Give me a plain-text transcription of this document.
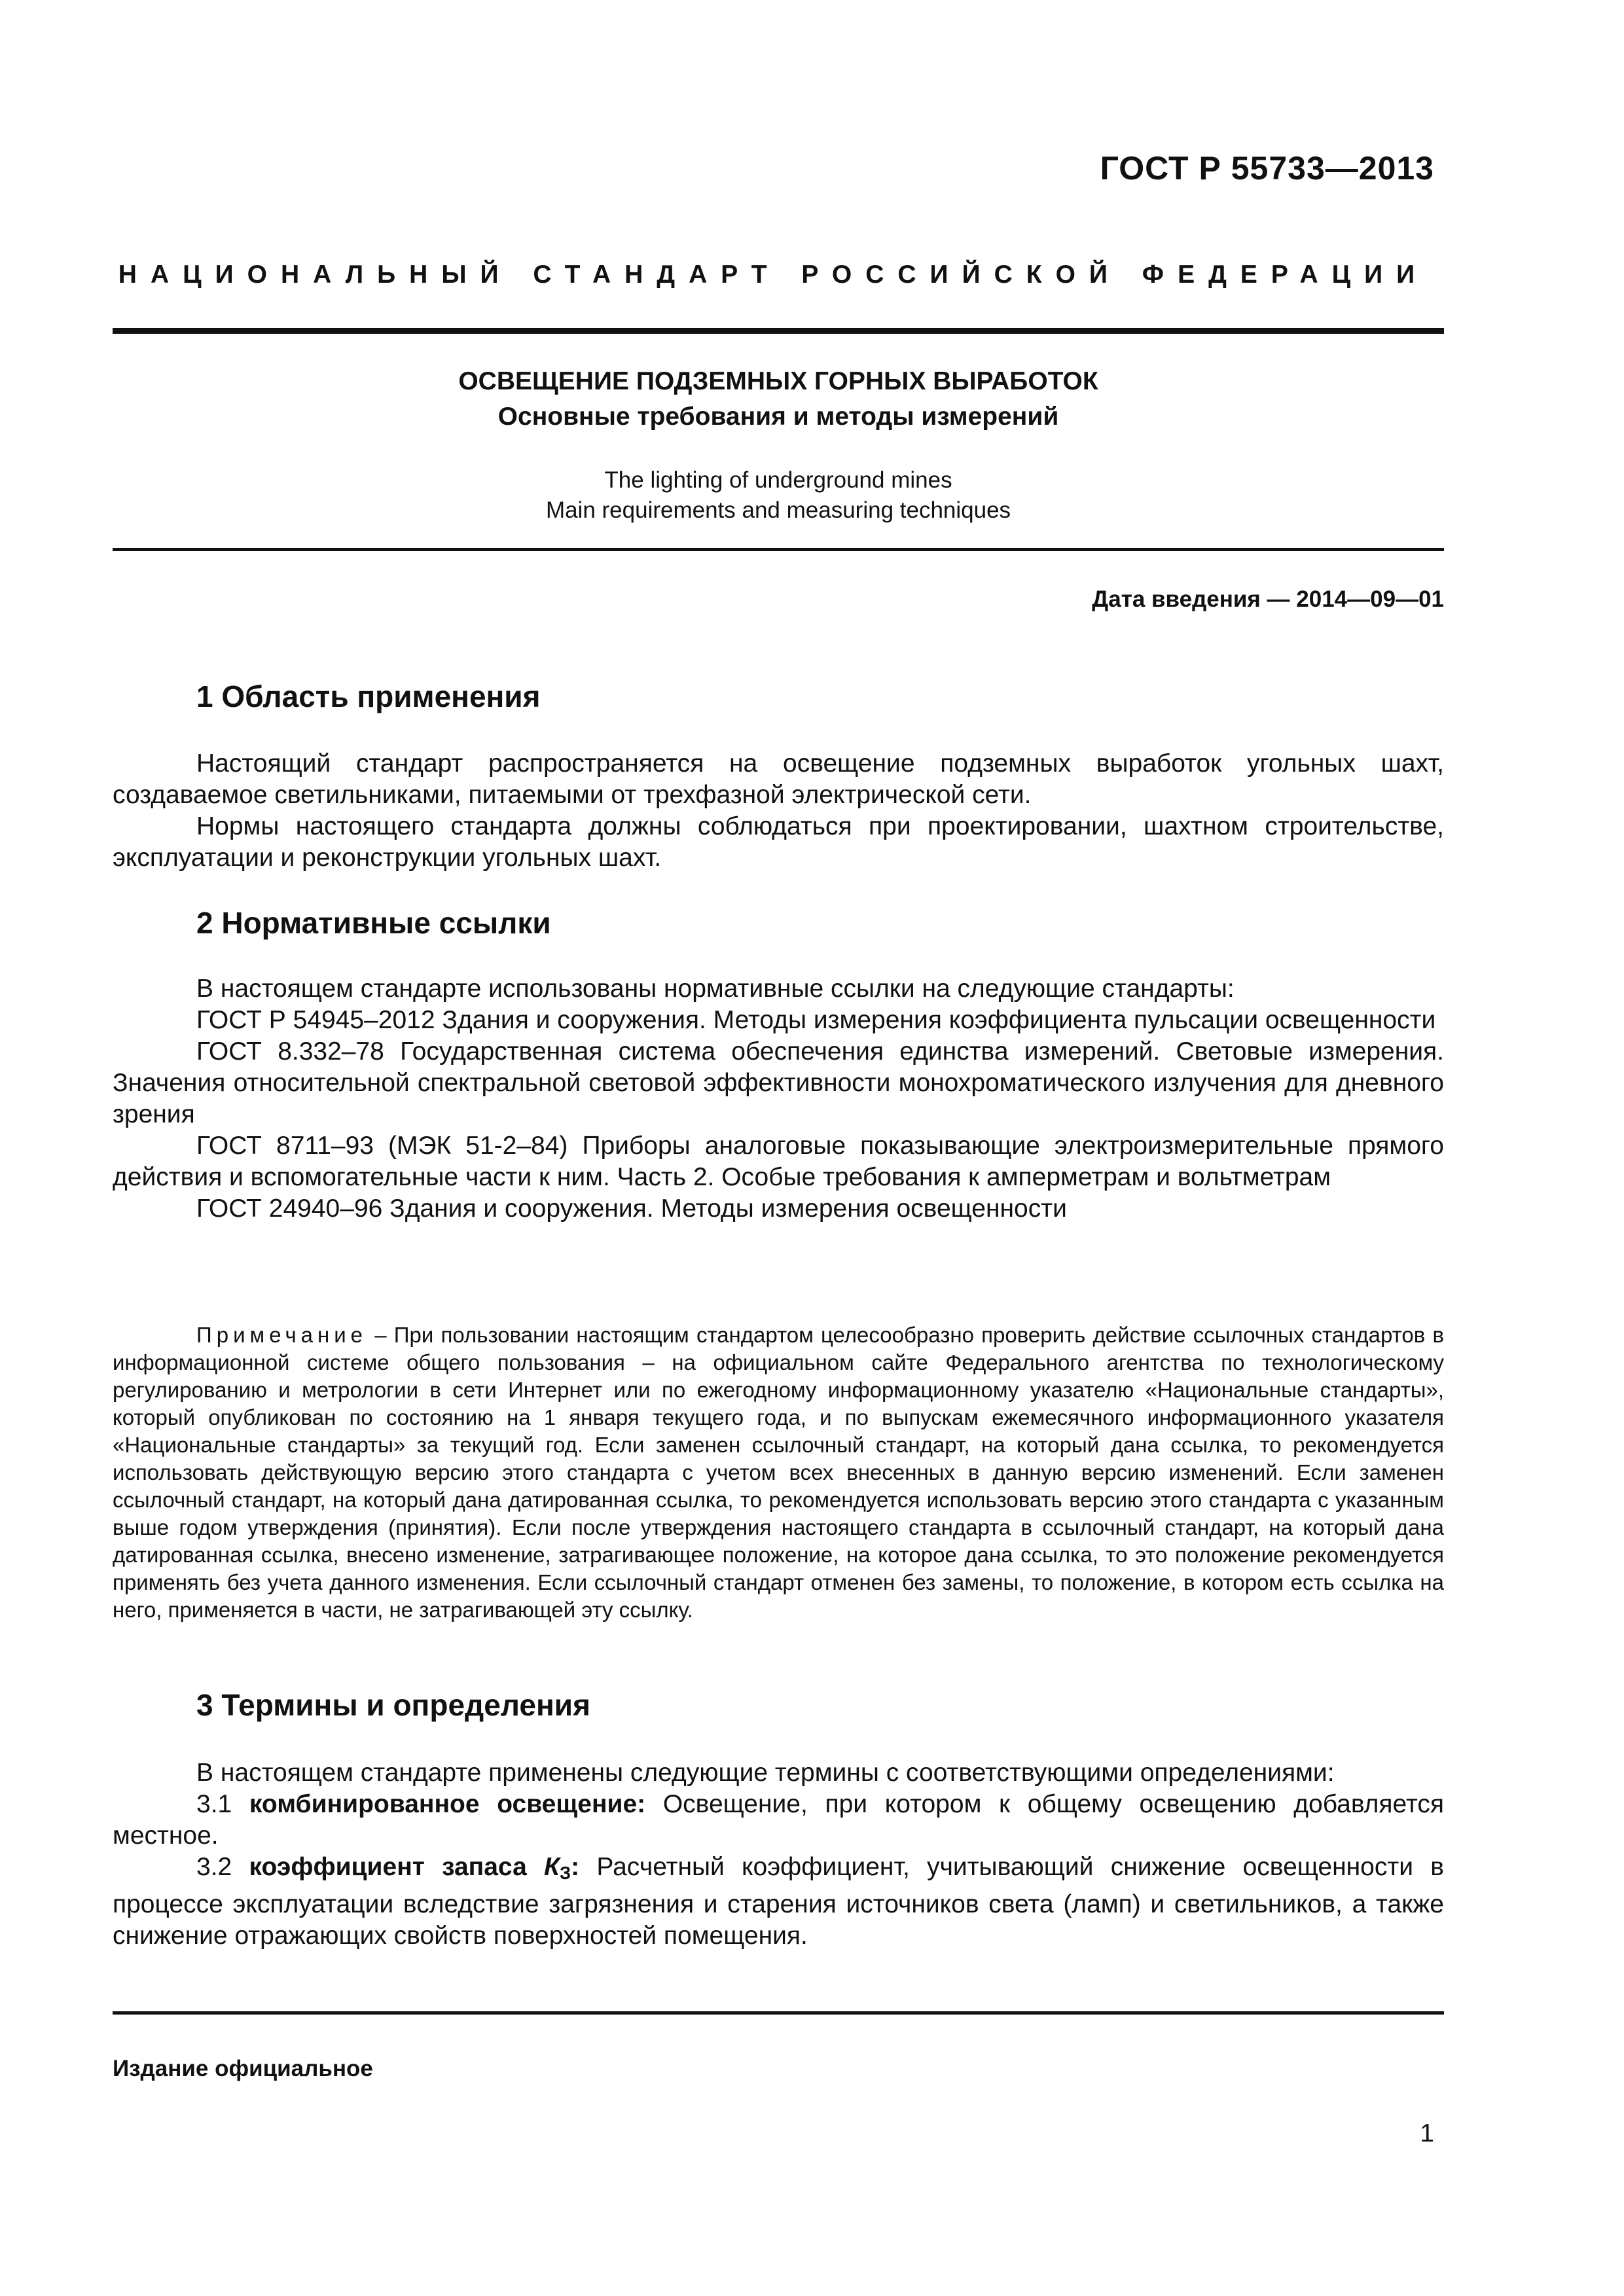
ГОСТ Р 55733—2013
НАЦИОНАЛЬНЫЙ СТАНДАРТ РОССИЙСКОЙ ФЕДЕРАЦИИ
ОСВЕЩЕНИЕ ПОДЗЕМНЫХ ГОРНЫХ ВЫРАБОТОК
Основные требования и методы измерений
The lighting of underground mines
Main requirements and measuring techniques
Дата введения — 2014—09—01
1 Область применения

Настоящий стандарт распространяется на освещение подземных выработок угольных шахт, создаваемое светильниками, питаемыми от трехфазной электрической сети.

Нормы настоящего стандарта должны соблюдаться при проектировании, шахтном строительстве, эксплуатации и реконструкции угольных шахт.

2 Нормативные ссылки

В настоящем стандарте использованы нормативные ссылки на следующие стандарты:

ГОСТ Р 54945–2012 Здания и сооружения. Методы измерения коэффициента пульсации освещенности

ГОСТ 8.332–78 Государственная система обеспечения единства измерений. Световые измерения. Значения относительной спектральной световой эффективности монохроматического излучения для дневного зрения

ГОСТ 8711–93 (МЭК 51-2–84) Приборы аналоговые показывающие электроизмерительные прямого действия и вспомогательные части к ним. Часть 2. Особые требования к амперметрам и вольтметрам

ГОСТ 24940–96 Здания и сооружения. Методы измерения освещенности

Примечание – При пользовании настоящим стандартом целесообразно проверить действие ссылочных стандартов в информационной системе общего пользования – на официальном сайте Федерального агентства по технологическому регулированию и метрологии в сети Интернет или по ежегодному информационному указателю «Национальные стандарты», который опубликован по состоянию на 1 января текущего года, и по выпускам ежемесячного информационного указателя «Национальные стандарты» за текущий год. Если заменен ссылочный стандарт, на который дана ссылка, то рекомендуется использовать действующую версию этого стандарта с учетом всех внесенных в данную версию изменений. Если заменен ссылочный стандарт, на который дана датированная ссылка, то рекомендуется использовать версию этого стандарта с указанным выше годом утверждения (принятия). Если после утверждения настоящего стандарта в ссылочный стандарт, на который дана датированная ссылка, внесено изменение, затрагивающее положение, на которое дана ссылка, то это положение рекомендуется применять без учета данного изменения. Если ссылочный стандарт отменен без замены, то положение, в котором есть ссылка на него, применяется в части, не затрагивающей эту ссылку.

3 Термины и определения

В настоящем стандарте применены следующие термины с соответствующими определениями:

3.1 комбинированное освещение: Освещение, при котором к общему освещению добавляется местное.

3.2 коэффициент запаса $К_З$: Расчетный коэффициент, учитывающий снижение освещенности в процессе эксплуатации вследствие загрязнения и старения источников света (ламп) и светильников, а также снижение отражающих свойств поверхностей помещения.

Издание официальное
1
